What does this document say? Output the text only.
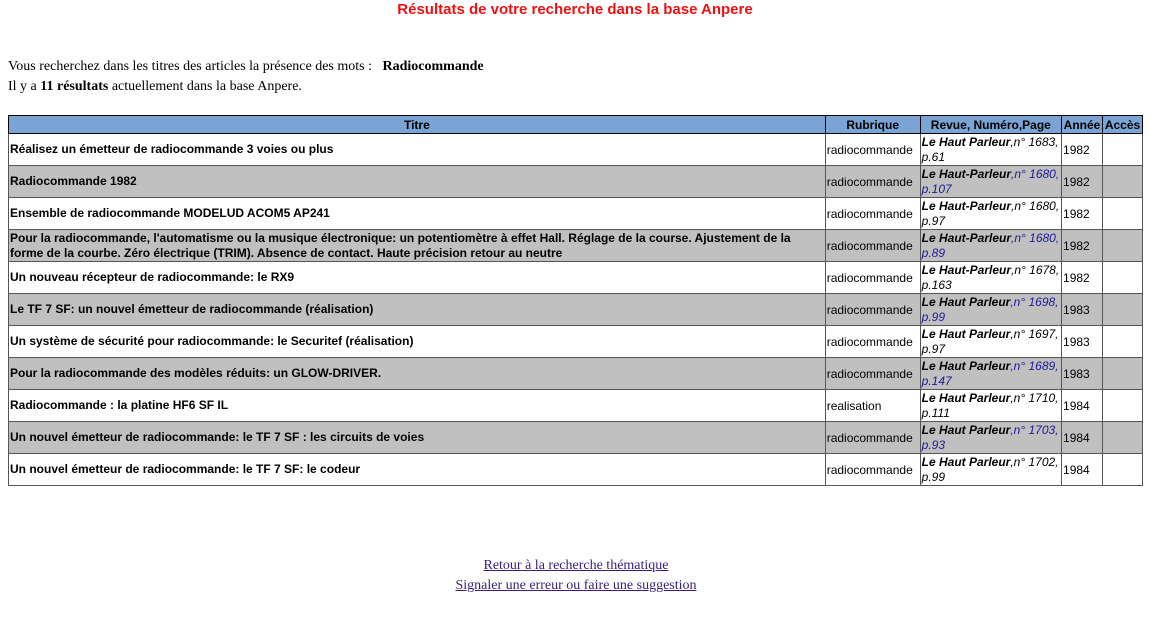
Résultats de votre recherche dans la base Anpere
Vous recherchez dans les titres des articles la présence des mots : Radiocommande
Il y a 11 résultats actuellement dans la base Anpere.
Titre	Rubrique	Revue, Numéro,Page	Année	Accès
Réalisez un émetteur de radiocommande 3 voies ou plus	radiocommande	Le Haut Parleur,n° 1683, p.61	1982	
Radiocommande 1982	radiocommande	Le Haut-Parleur,n° 1680, p.107	1982	
Ensemble de radiocommande MODELUD ACOM5 AP241	radiocommande	Le Haut-Parleur,n° 1680, p.97	1982	
Pour la radiocommande, l'automatisme ou la musique électronique: un potentiomètre à effet Hall. Réglage de la course. Ajustement de la forme de la courbe. Zéro électrique (TRIM). Absence de contact. Haute précision retour au neutre	radiocommande	Le Haut-Parleur,n° 1680, p.89	1982	
Un nouveau récepteur de radiocommande: le RX9	radiocommande	Le Haut-Parleur,n° 1678, p.163	1982	
Le TF 7 SF: un nouvel émetteur de radiocommande (réalisation)	radiocommande	Le Haut Parleur,n° 1698, p.99	1983	
Un système de sécurité pour radiocommande: le Securitef (réalisation)	radiocommande	Le Haut Parleur,n° 1697, p.97	1983	
Pour la radiocommande des modèles réduits: un GLOW-DRIVER.	radiocommande	Le Haut Parleur,n° 1689, p.147	1983	
Radiocommande : la platine HF6 SF IL	realisation	Le Haut Parleur,n° 1710, p.111	1984	
Un nouvel émetteur de radiocommande: le TF 7 SF : les circuits de voies	radiocommande	Le Haut Parleur,n° 1703, p.93	1984	
Un nouvel émetteur de radiocommande: le TF 7 SF: le codeur	radiocommande	Le Haut Parleur,n° 1702, p.99	1984	
Retour à la recherche thématique
Signaler une erreur ou faire une suggestion
